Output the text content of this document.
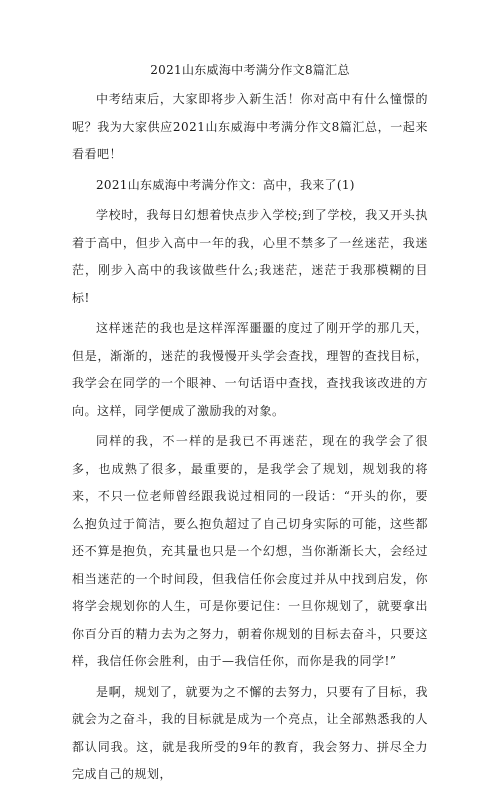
2021山东威海中考满分作文8篇汇总

中考结束后，大家即将步入新生活！你对高中有什么憧憬的呢？我为大家供应2021山东威海中考满分作文8篇汇总，一起来看看吧！

2021山东威海中考满分作文：高中，我来了(1)

学校时，我每日幻想着快点步入学校;到了学校，我又开头执着于高中，但步入高中一年的我，心里不禁多了一丝迷茫，我迷茫，刚步入高中的我该做些什么;我迷茫，迷茫于我那模糊的目标!

这样迷茫的我也是这样浑浑噩噩的度过了刚开学的那几天，但是，渐渐的，迷茫的我慢慢开头学会查找，理智的查找目标，我学会在同学的一个眼神、一句话语中查找，查找我该改进的方向。这样，同学便成了激励我的对象。

同样的我，不一样的是我已不再迷茫，现在的我学会了很多，也成熟了很多，最重要的，是我学会了规划，规划我的将来，不只一位老师曾经跟我说过相同的一段话：“开头的你，要么抱负过于简洁，要么抱负超过了自己切身实际的可能，这些都还不算是抱负，充其量也只是一个幻想，当你渐渐长大，会经过相当迷茫的一个时间段，但我信任你会度过并从中找到启发，你将学会规划你的人生，可是你要记住：一旦你规划了，就要拿出你百分百的精力去为之努力，朝着你规划的目标去奋斗，只要这样，我信任你会胜利，由于—我信任你，而你是我的同学!”

是啊，规划了，就要为之不懈的去努力，只要有了目标，我就会为之奋斗，我的目标就是成为一个亮点，让全部熟悉我的人都认同我。这，就是我所受的9年的教育，我会努力、拼尽全力完成自己的规划，
